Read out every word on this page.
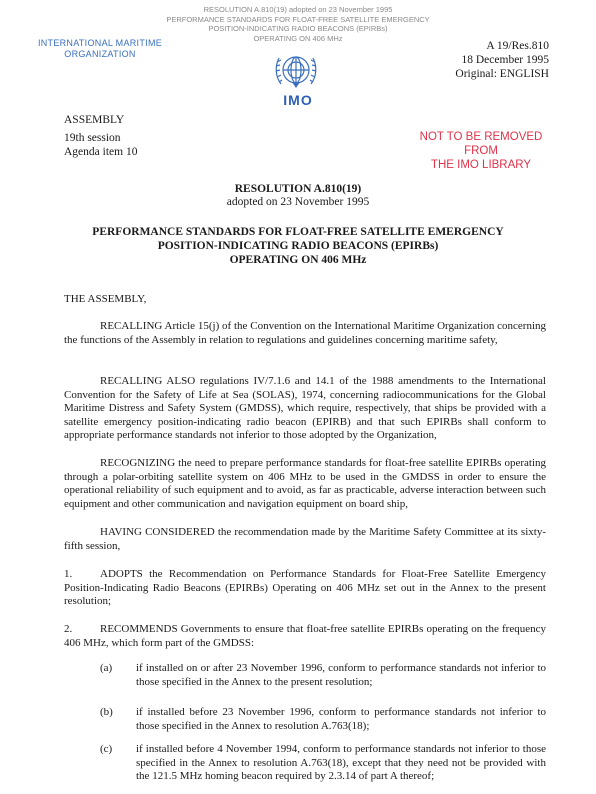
RESOLUTION A.810(19) adopted on 23 November 1995
PERFORMANCE STANDARDS FOR FLOAT-FREE SATELLITE EMERGENCY
POSITION-INDICATING RADIO BEACONS (EPIRBs)
OPERATING ON 406 MHz
INTERNATIONAL MARITIME
ORGANIZATION
IMO
A 19/Res.810
18 December 1995
Original: ENGLISH
ASSEMBLY
19th session
Agenda item 10
NOT TO BE REMOVED
FROM
THE IMO LIBRARY
RESOLUTION A.810(19)
adopted on 23 November 1995
PERFORMANCE STANDARDS FOR FLOAT-FREE SATELLITE EMERGENCY
POSITION-INDICATING RADIO BEACONS (EPIRBs)
OPERATING ON 406 MHz
THE ASSEMBLY,
RECALLING Article 15(j) of the Convention on the International Maritime Organization concerning the functions of the Assembly in relation to regulations and guidelines concerning maritime safety,
RECALLING ALSO regulations IV/7.1.6 and 14.1 of the 1988 amendments to the International Convention for the Safety of Life at Sea (SOLAS), 1974, concerning radiocommunications for the Global Maritime Distress and Safety System (GMDSS), which require, respectively, that ships be provided with a satellite emergency position-indicating radio beacon (EPIRB) and that such EPIRBs shall conform to appropriate performance standards not inferior to those adopted by the Organization,
RECOGNIZING the need to prepare performance standards for float-free satellite EPIRBs operating through a polar-orbiting satellite system on 406 MHz to be used in the GMDSS in order to ensure the operational reliability of such equipment and to avoid, as far as practicable, adverse interaction between such equipment and other communication and navigation equipment on board ship,
HAVING CONSIDERED the recommendation made by the Maritime Safety Committee at its sixty-fifth session,
1.	ADOPTS the Recommendation on Performance Standards for Float-Free Satellite Emergency Position-Indicating Radio Beacons (EPIRBs) Operating on 406 MHz set out in the Annex to the present resolution;
2.	RECOMMENDS Governments to ensure that float-free satellite EPIRBs operating on the frequency 406 MHz, which form part of the GMDSS:
(a) if installed on or after 23 November 1996, conform to performance standards not inferior to those specified in the Annex to the present resolution;
(b) if installed before 23 November 1996, conform to performance standards not inferior to those specified in the Annex to resolution A.763(18);
(c) if installed before 4 November 1994, conform to performance standards not inferior to those specified in the Annex to resolution A.763(18), except that they need not be provided with the 121.5 MHz homing beacon required by 2.3.14 of part A thereof;
